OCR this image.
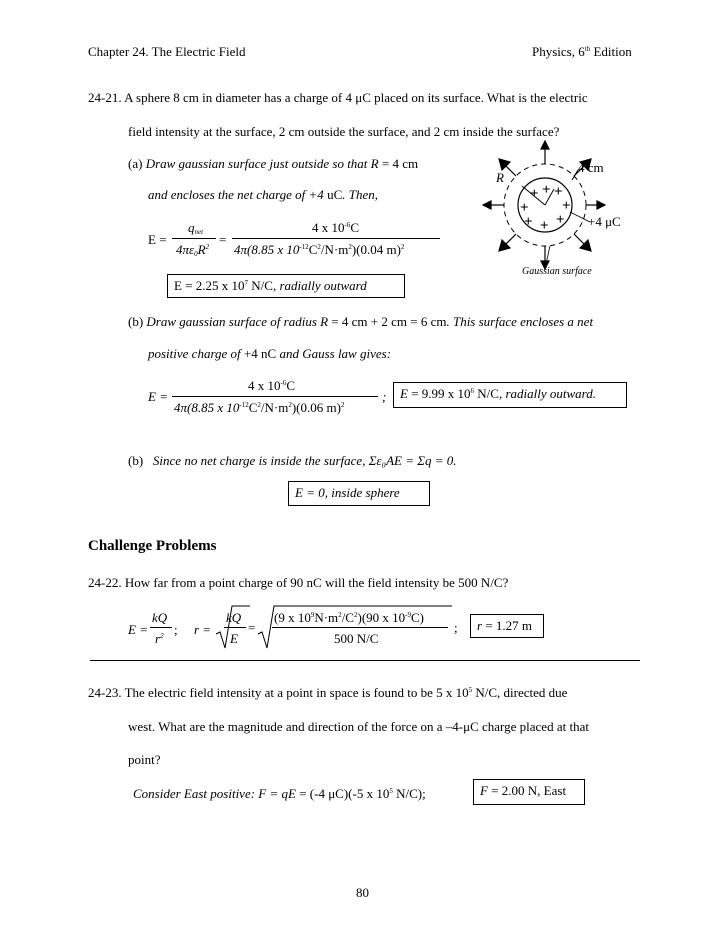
Chapter 24. The Electric Field	Physics, 6th Edition
24-21. A sphere 8 cm in diameter has a charge of 4 μC placed on its surface. What is the electric
field intensity at the surface, 2 cm outside the surface, and 2 cm inside the surface?
(a) Draw gaussian surface just outside so that R = 4 cm
and encloses the net charge of +4 uC. Then,
E =
$q_{net}$
$4\pi\varepsilon_0R^2$ =
4 x $10^{-6}C$
4π(8.85 x $10^{-12}C^2/N\cdot m^2)(0.04$ m)$^2$
E = 2.25 x $10^7$ N/C, radially outward
4 cm
R
+4 μC
Gaussian surface
+ + +
+ +
+ +
+
(b) Draw gaussian surface of radius R = 4 cm + 2 cm = 6 cm. This surface encloses a net
positive charge of +4 nC and Gauss law gives:
E =
4 x $10^{-6}C$
4π(8.85 x $10^{-12}C^2/N\cdot m^2)(0.06$ m)$^2$
;	E = 9.99 x $10^6$ N/C, radially outward.
(b) Since no net charge is inside the surface, Σε₀AE = Σq = 0.
E = 0, inside sphere
Challenge Problems
24-22. How far from a point charge of 90 nC will the field intensity be 500 N/C?
E =
kQ
$r^2$ ; r =
kQ
E
=
(9 x $10^9N\cdot m^2/C^2)(90$ x $10^{-9}C$)
500 N/C
;	r = 1.27 m
24-23. The electric field intensity at a point in space is found to be 5 x $10^5$ N/C, directed due
west. What are the magnitude and direction of the force on a –4-μC charge placed at that
point?
Consider East positive: F = qE = (-4 μC)(-5 x $10^5$ N/C);	F = 2.00 N, East
80
